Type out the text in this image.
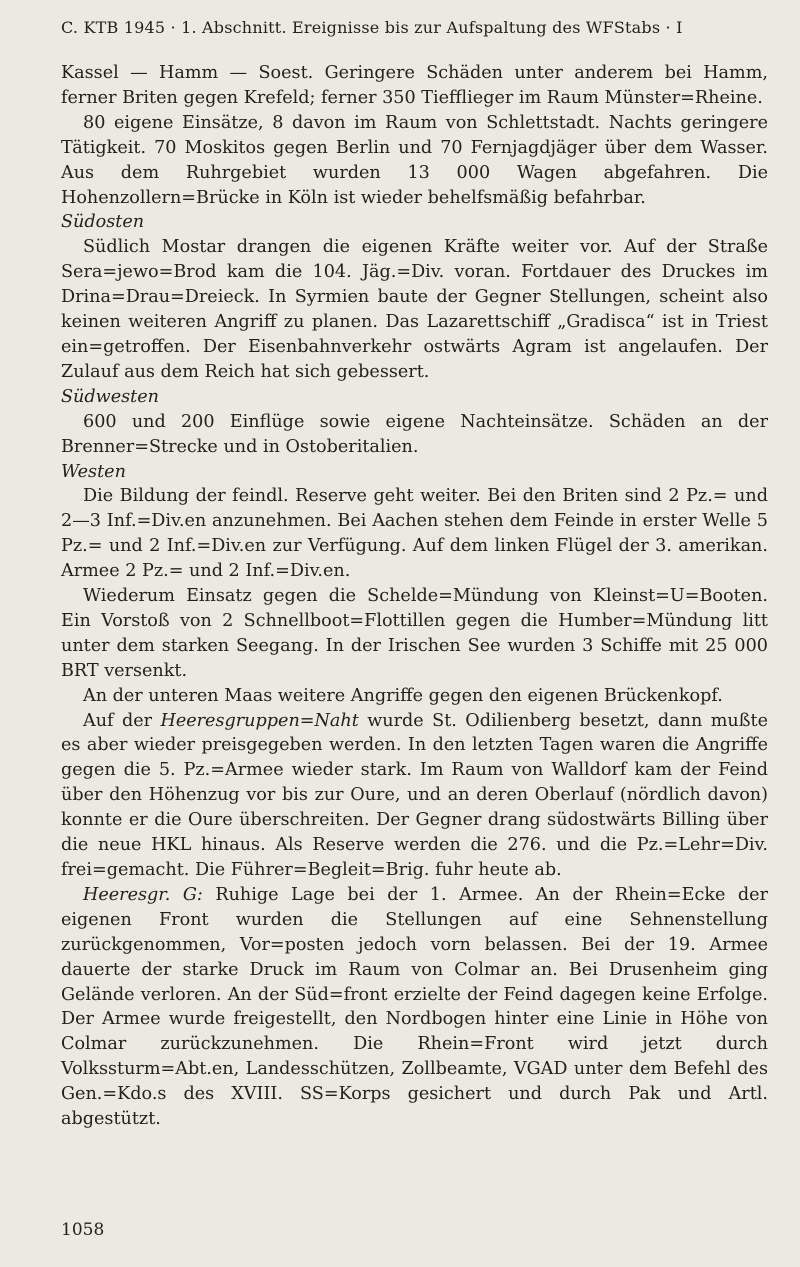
C. KTB 1945 · 1. Abschnitt. Ereignisse bis zur Aufspaltung des WFStabs · I

Kassel — Hamm — Soest. Geringere Schäden unter anderem bei Hamm, ferner Briten gegen Krefeld; ferner 350 Tiefflieger im Raum Münster=Rheine.

80 eigene Einsätze, 8 davon im Raum von Schlettstadt. Nachts geringere Tätigkeit. 70 Moskitos gegen Berlin und 70 Fernjagdjäger über dem Wasser. Aus dem Ruhrgebiet wurden 13 000 Wagen abgefahren. Die Hohenzollern=Brücke in Köln ist wieder behelfsmäßig befahrbar.

Südosten

Südlich Mostar drangen die eigenen Kräfte weiter vor. Auf der Straße Sera=jewo=Brod kam die 104. Jäg.=Div. voran. Fortdauer des Druckes im Drina=Drau=Dreieck. In Syrmien baute der Gegner Stellungen, scheint also keinen weiteren Angriff zu planen. Das Lazarettschiff „Gradisca“ ist in Triest ein=getroffen. Der Eisenbahnverkehr ostwärts Agram ist angelaufen. Der Zulauf aus dem Reich hat sich gebessert.

Südwesten

600 und 200 Einflüge sowie eigene Nachteinsätze. Schäden an der Brenner=Strecke und in Ostoberitalien.

Westen

Die Bildung der feindl. Reserve geht weiter. Bei den Briten sind 2 Pz.= und 2—3 Inf.=Div.en anzunehmen. Bei Aachen stehen dem Feinde in erster Welle 5 Pz.= und 2 Inf.=Div.en zur Verfügung. Auf dem linken Flügel der 3. amerikan. Armee 2 Pz.= und 2 Inf.=Div.en.

Wiederum Einsatz gegen die Schelde=Mündung von Kleinst=U=Booten. Ein Vorstoß von 2 Schnellboot=Flottillen gegen die Humber=Mündung litt unter dem starken Seegang. In der Irischen See wurden 3 Schiffe mit 25 000 BRT versenkt.

An der unteren Maas weitere Angriffe gegen den eigenen Brückenkopf.

Auf der Heeresgruppen=Naht wurde St. Odilienberg besetzt, dann mußte es aber wieder preisgegeben werden. In den letzten Tagen waren die Angriffe gegen die 5. Pz.=Armee wieder stark. Im Raum von Walldorf kam der Feind über den Höhenzug vor bis zur Oure, und an deren Oberlauf (nördlich davon) konnte er die Oure überschreiten. Der Gegner drang südostwärts Billing über die neue HKL hinaus. Als Reserve werden die 276. und die Pz.=Lehr=Div. frei=gemacht. Die Führer=Begleit=Brig. fuhr heute ab.

Heeresgr. G: Ruhige Lage bei der 1. Armee. An der Rhein=Ecke der eigenen Front wurden die Stellungen auf eine Sehnenstellung zurückgenommen, Vor=posten jedoch vorn belassen. Bei der 19. Armee dauerte der starke Druck im Raum von Colmar an. Bei Drusenheim ging Gelände verloren. An der Süd=front erzielte der Feind dagegen keine Erfolge. Der Armee wurde freigestellt, den Nordbogen hinter eine Linie in Höhe von Colmar zurückzunehmen. Die Rhein=Front wird jetzt durch Volkssturm=Abt.en, Landesschützen, Zollbeamte, VGAD unter dem Befehl des Gen.=Kdo.s des XVIII. SS=Korps gesichert und durch Pak und Artl. abgestützt.

1058
